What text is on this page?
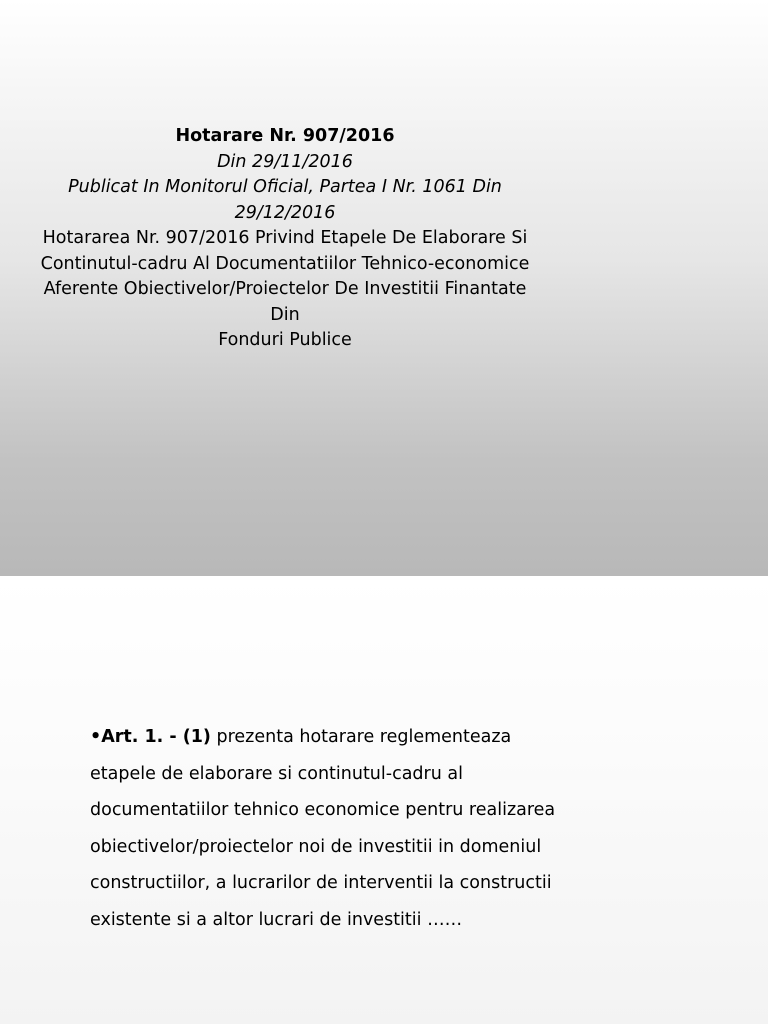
Hotarare Nr. 907/2016
Din 29/11/2016
Publicat In Monitorul Oficial, Partea I Nr. 1061 Din
29/12/2016
Hotararea Nr. 907/2016 Privind Etapele De Elaborare Si
Continutul-cadru Al Documentatiilor Tehnico-economice
Aferente Obiectivelor/Proiectelor De Investitii Finantate
Din
Fonduri Publice
•Art. 1. - (1) prezenta hotarare reglementeaza
etapele de elaborare si continutul-cadru al
documentatiilor tehnico economice pentru realizarea
obiectivelor/proiectelor noi de investitii in domeniul
constructiilor, a lucrarilor de interventii la constructii
existente si a altor lucrari de investitii ……
